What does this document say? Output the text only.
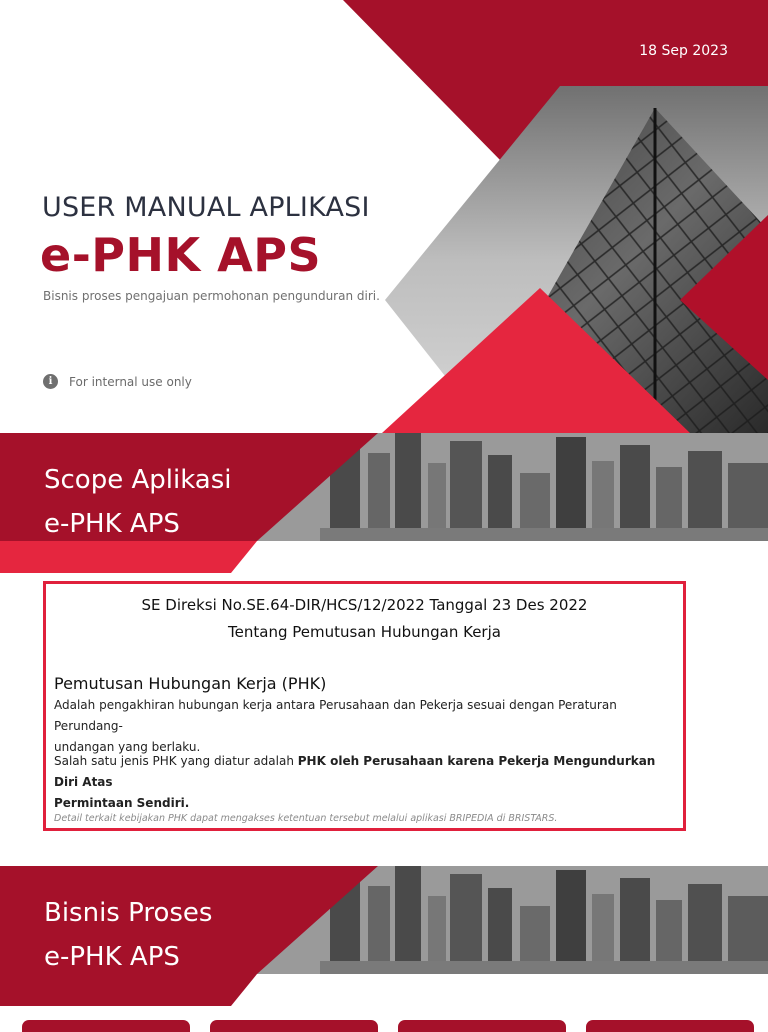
18 Sep 2023
USER MANUAL APLIKASI
e-PHK APS
Bisnis proses pengajuan permohonan pengunduran diri.
i	For internal use only
Scope Aplikasi
e-PHK APS
SE Direksi No.SE.64-DIR/HCS/12/2022 Tanggal 23 Des 2022
Tentang Pemutusan Hubungan Kerja
Pemutusan Hubungan Kerja (PHK)
Adalah pengakhiran hubungan kerja antara Perusahaan dan Pekerja sesuai dengan Peraturan Perundang-
undangan yang berlaku.
Salah satu jenis PHK yang diatur adalah PHK oleh Perusahaan karena Pekerja Mengundurkan Diri Atas
Permintaan Sendiri.
Detail terkait kebijakan PHK dapat mengakses ketentuan tersebut melalui aplikasi BRIPEDIA di BRISTARS.
Bisnis Proses
e-PHK APS
